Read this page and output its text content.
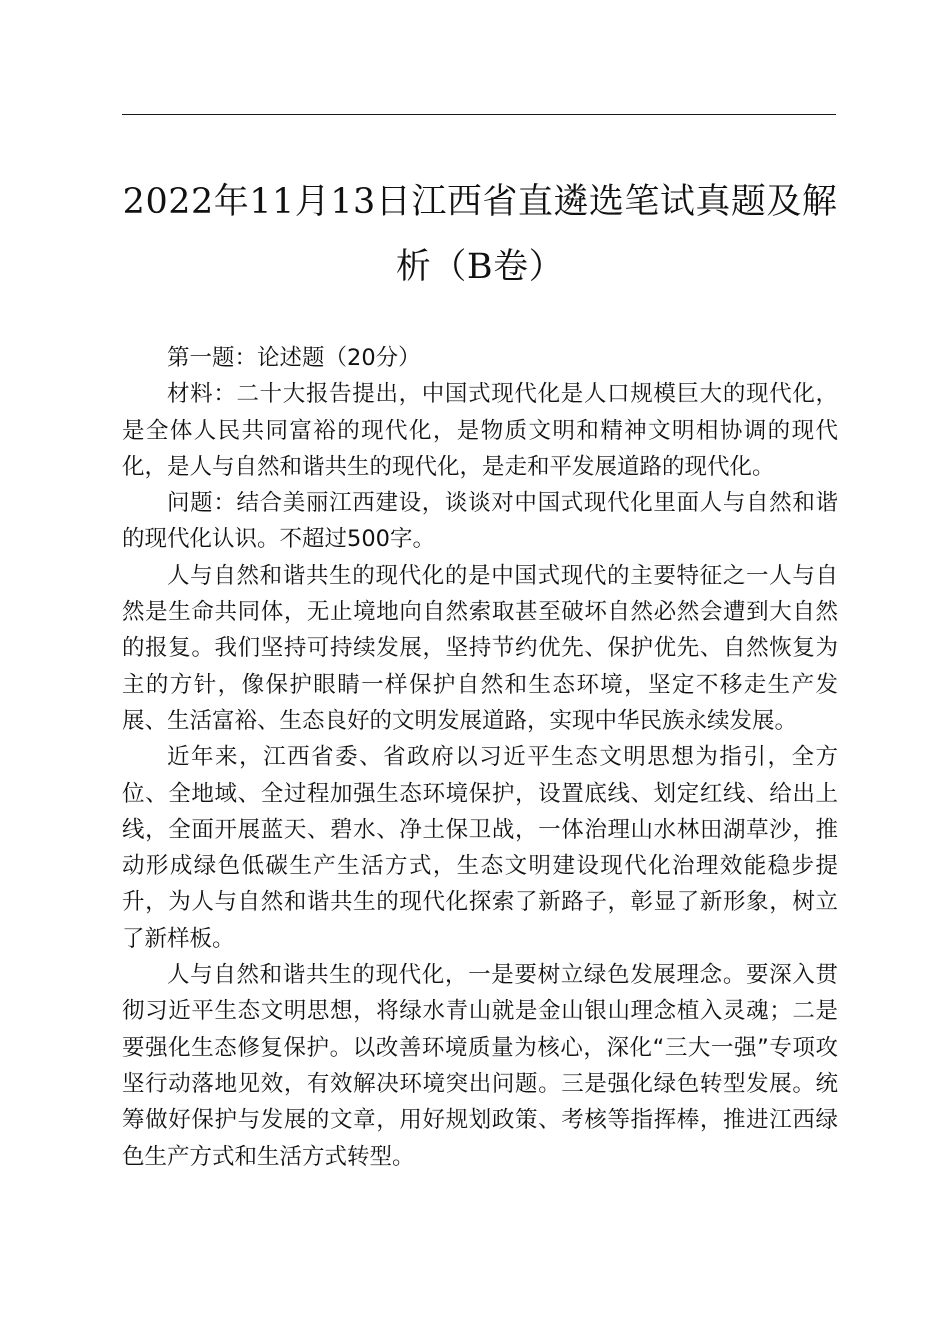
2022年11月13日江西省直遴选笔试真题及解
析（B卷）

第一题：论述题（20分）

材料：二十大报告提出，中国式现代化是人口规模巨大的现代化，是全体人民共同富裕的现代化，是物质文明和精神文明相协调的现代化，是人与自然和谐共生的现代化，是走和平发展道路的现代化。

问题：结合美丽江西建设，谈谈对中国式现代化里面人与自然和谐的现代化认识。不超过500字。

人与自然和谐共生的现代化的是中国式现代的主要特征之一人与自然是生命共同体，无止境地向自然索取甚至破坏自然必然会遭到大自然的报复。我们坚持可持续发展，坚持节约优先、保护优先、自然恢复为主的方针，像保护眼睛一样保护自然和生态环境，坚定不移走生产发展、生活富裕、生态良好的文明发展道路，实现中华民族永续发展。

近年来，江西省委、省政府以习近平生态文明思想为指引，全方位、全地域、全过程加强生态环境保护，设置底线、划定红线、给出上线，全面开展蓝天、碧水、净土保卫战，一体治理山水林田湖草沙，推动形成绿色低碳生产生活方式，生态文明建设现代化治理效能稳步提升，为人与自然和谐共生的现代化探索了新路子，彰显了新形象，树立了新样板。

人与自然和谐共生的现代化，一是要树立绿色发展理念。要深入贯彻习近平生态文明思想，将绿水青山就是金山银山理念植入灵魂；二是要强化生态修复保护。以改善环境质量为核心，深化“三大一强”专项攻坚行动落地见效，有效解决环境突出问题。三是强化绿色转型发展。统筹做好保护与发展的文章，用好规划政策、考核等指挥棒，推进江西绿色生产方式和生活方式转型。
